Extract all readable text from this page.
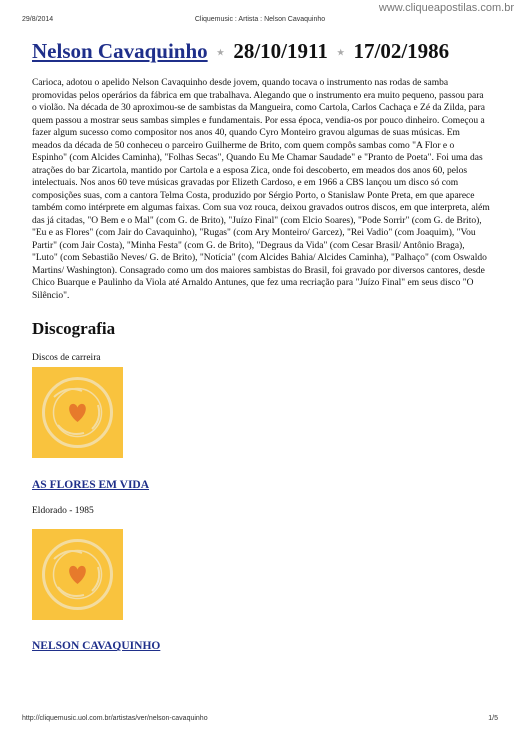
29/8/2014	Cliquemusic : Artista : Nelson Cavaquinho
www.cliqueapostilas.com.br
Nelson Cavaquinho ★ 28/10/1911 ★ 17/02/1986

Carioca, adotou o apelido Nelson Cavaquinho desde jovem, quando tocava o instrumento nas rodas de samba promovidas pelos operários da fábrica em que trabalhava. Alegando que o instrumento era muito pequeno, passou para o violão. Na década de 30 aproximou-se de sambistas da Mangueira, como Cartola, Carlos Cachaça e Zé da Zilda, para quem passou a mostrar seus sambas simples e fundamentais. Por essa época, vendia-os por pouco dinheiro. Começou a fazer algum sucesso como compositor nos anos 40, quando Cyro Monteiro gravou algumas de suas músicas. Em meados da década de 50 conheceu o parceiro Guilherme de Brito, com quem compôs sambas como "A Flor e o Espinho" (com Alcides Caminha), "Folhas Secas", Quando Eu Me Chamar Saudade" e "Pranto de Poeta". Foi uma das atrações do bar Zicartola, mantido por Cartola e a esposa Zica, onde foi descoberto, em meados dos anos 60, pelos intelectuais. Nos anos 60 teve músicas gravadas por Elizeth Cardoso, e em 1966 a CBS lançou um disco só com composições suas, com a cantora Telma Costa, produzido por Sérgio Porto, o Stanislaw Ponte Preta, em que aparece também como intérprete em algumas faixas. Com sua voz rouca, deixou gravados outros discos, em que interpreta, além das já citadas, "O Bem e o Mal" (com G. de Brito), "Juízo Final" (com Elcio Soares), "Pode Sorrir" (com G. de Brito), "Eu e as Flores" (com Jair do Cavaquinho), "Rugas" (com Ary Monteiro/ Garcez), "Rei Vadio" (com Joaquim), "Vou Partir" (com Jair Costa), "Minha Festa" (com G. de Brito), "Degraus da Vida" (com Cesar Brasil/ Antônio Braga), "Luto" (com Sebastião Neves/ G. de Brito), "Notícia" (com Alcides Bahia/ Alcides Caminha), "Palhaço" (com Oswaldo Martins/ Washington). Consagrado como um dos maiores sambistas do Brasil, foi gravado por diversos cantores, desde Chico Buarque e Paulinho da Viola até Arnaldo Antunes, que fez uma recriação para "Juízo Final" em seus disco "O Silêncio".

Discografia
Discos de carreira
AS FLORES EM VIDA
Eldorado - 1985
NELSON CAVAQUINHO
http://cliquemusic.uol.com.br/artistas/ver/nelson-cavaquinho	1/5
